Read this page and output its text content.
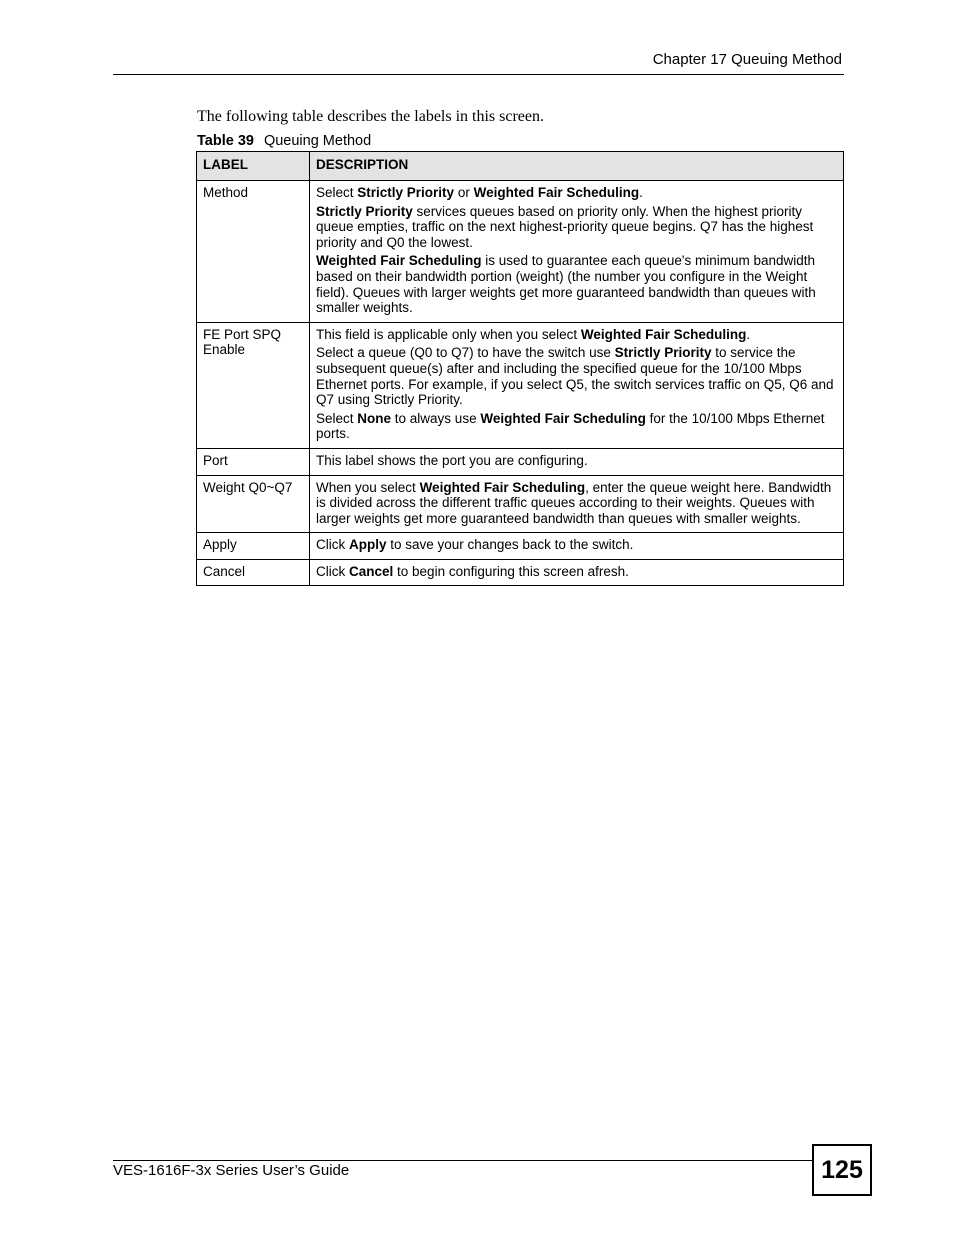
Chapter 17 Queuing Method
The following table describes the labels in this screen.
Table 39 Queuing Method
LABEL	DESCRIPTION
Method	Select Strictly Priority or Weighted Fair Scheduling.
Strictly Priority services queues based on priority only. When the highest priority queue empties, traffic on the next highest-priority queue begins. Q7 has the highest priority and Q0 the lowest.
Weighted Fair Scheduling is used to guarantee each queue's minimum bandwidth based on their bandwidth portion (weight) (the number you configure in the Weight field). Queues with larger weights get more guaranteed bandwidth than queues with smaller weights.

FE Port SPQ Enable	This field is applicable only when you select Weighted Fair Scheduling.
Select a queue (Q0 to Q7) to have the switch use Strictly Priority to service the subsequent queue(s) after and including the specified queue for the 10/100 Mbps Ethernet ports. For example, if you select Q5, the switch services traffic on Q5, Q6 and Q7 using Strictly Priority.
Select None to always use Weighted Fair Scheduling for the 10/100 Mbps Ethernet ports.

Port	This label shows the port you are configuring.

Weight Q0~Q7	When you select Weighted Fair Scheduling, enter the queue weight here. Bandwidth is divided across the different traffic queues according to their weights. Queues with larger weights get more guaranteed bandwidth than queues with smaller weights.

Apply	Click Apply to save your changes back to the switch.

Cancel	Click Cancel to begin configuring this screen afresh.
VES-1616F-3x Series User’s Guide	125
